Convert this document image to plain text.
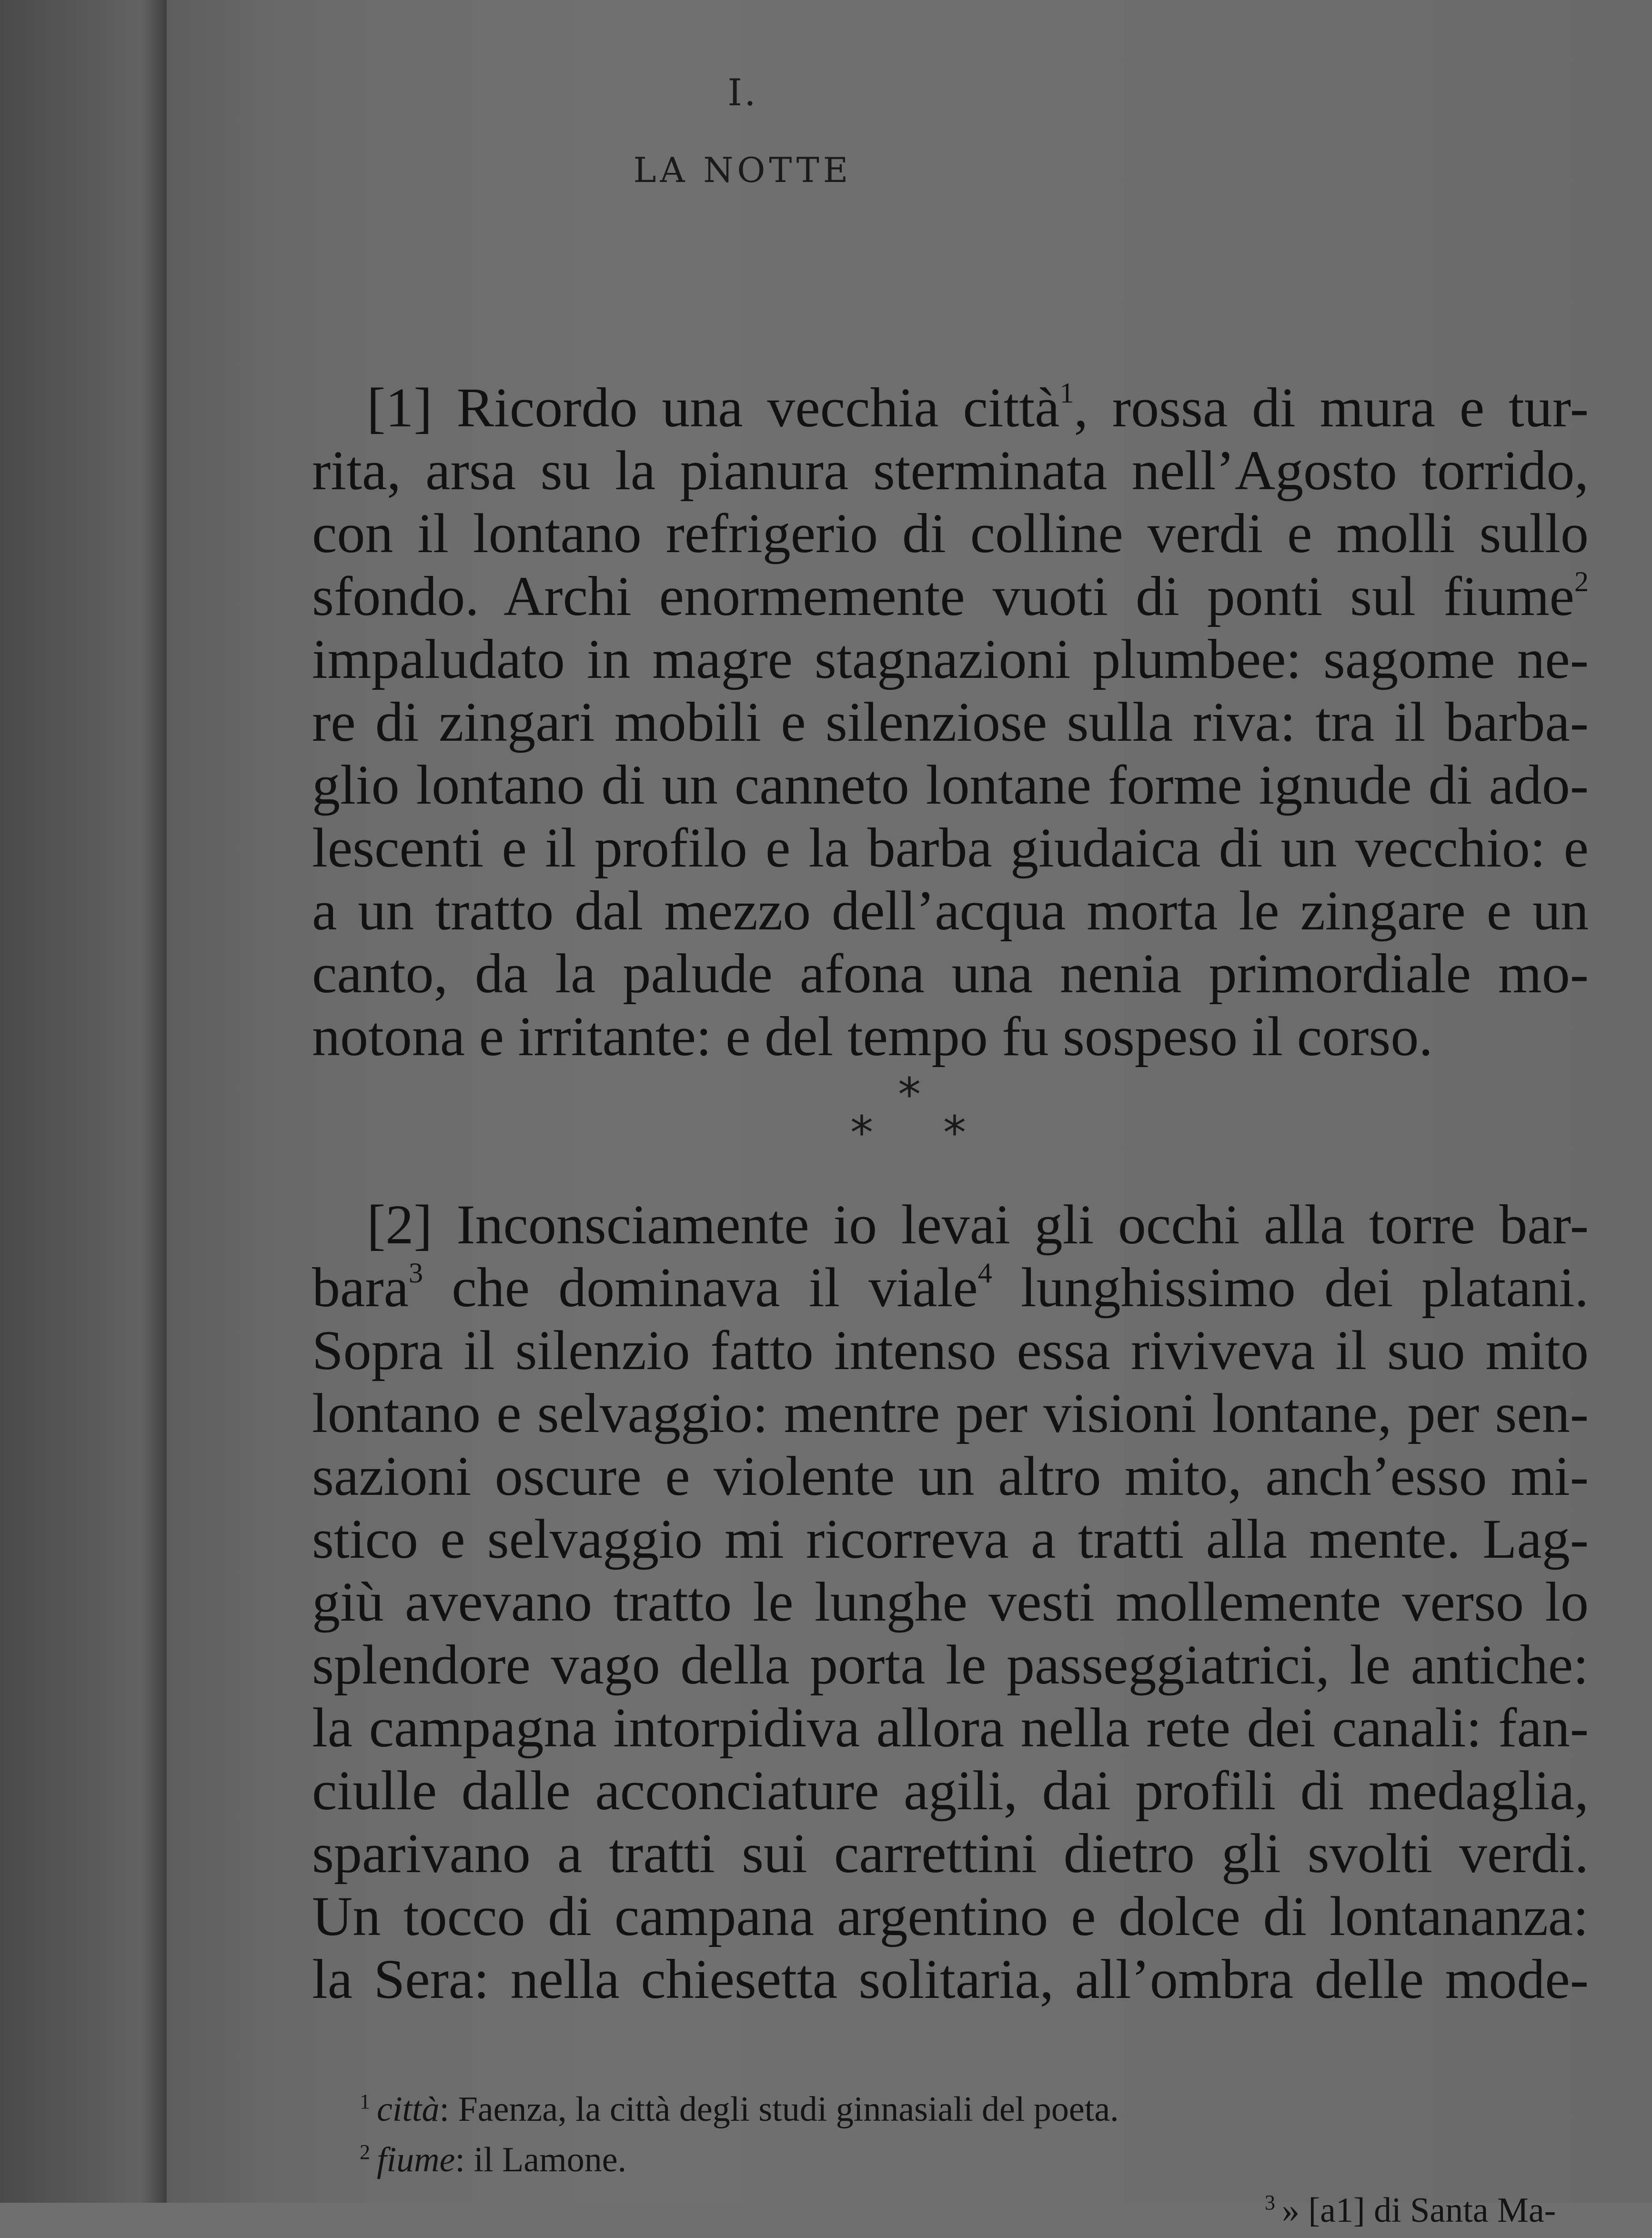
I.
LA NOTTE
[1] Ricordo una vecchia città$^1$, rossa di mura e tur-
rita, arsa su la pianura sterminata nell’Agosto torrido,
con il lontano refrigerio di colline verdi e molli sullo
sfondo. Archi enormemente vuoti di ponti sul fiume$^2$
impaludato in magre stagnazioni plumbee: sagome ne-
re di zingari mobili e silenziose sulla riva: tra il barba-
glio lontano di un canneto lontane forme ignude di ado-
lescenti e il profilo e la barba giudaica di un vecchio: e
a un tratto dal mezzo dell’acqua morta le zingare e un
canto, da la palude afona una nenia primordiale mo-
notona e irritante: e del tempo fu sospeso il corso.
*
* *
[2] Inconsciamente io levai gli occhi alla torre bar-
bara$^3$ che dominava il viale$^4$ lunghissimo dei platani.
Sopra il silenzio fatto intenso essa riviveva il suo mito
lontano e selvaggio: mentre per visioni lontane, per sen-
sazioni oscure e violente un altro mito, anch’esso mi-
stico e selvaggio mi ricorreva a tratti alla mente. Lag-
giù avevano tratto le lunghe vesti mollemente verso lo
splendore vago della porta le passeggiatrici, le antiche:
la campagna intorpidiva allora nella rete dei canali: fan-
ciulle dalle acconciature agili, dai profili di medaglia,
sparivano a tratti sui carrettini dietro gli svolti verdi.
Un tocco di campana argentino e dolce di lontananza:
la Sera: nella chiesetta solitaria, all’ombra delle mode-
$^1$ città: Faenza, la città degli studi ginnasiali del poeta.
$^2$ fiume: il Lamone.
$^3$ » [a1] di Santa Ma-
